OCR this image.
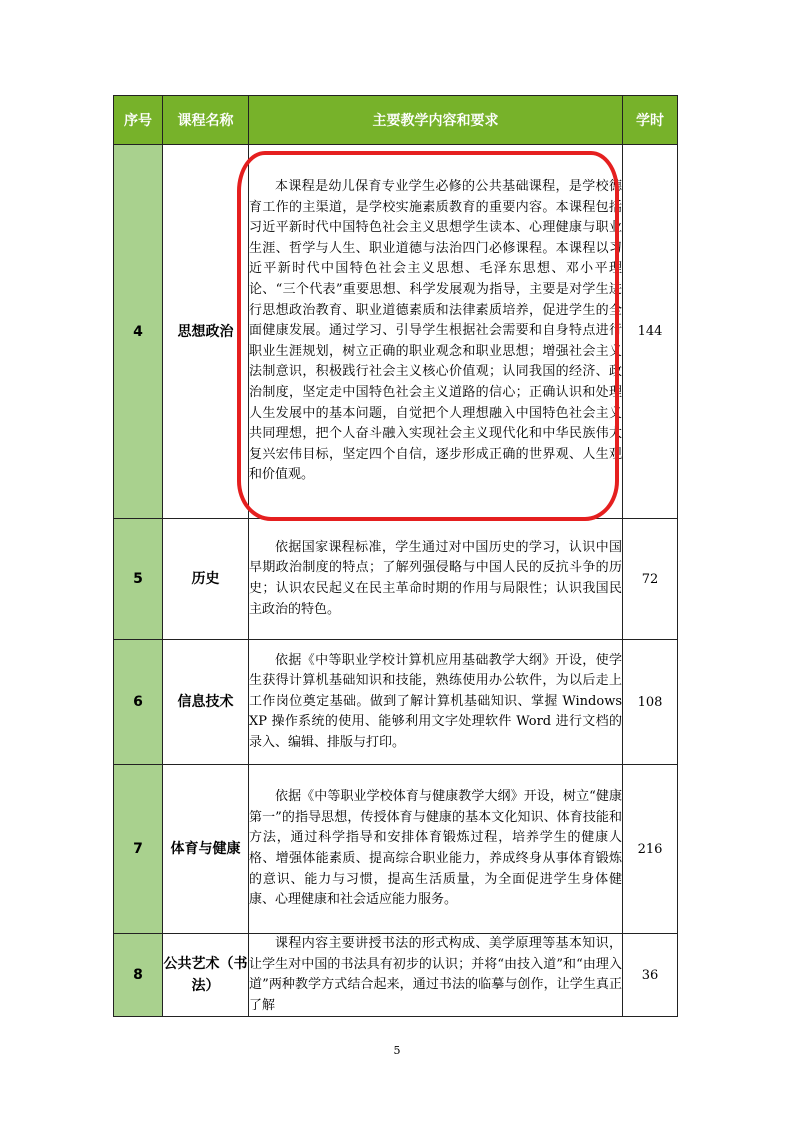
序号	课程名称	主要教学内容和要求	学时
4	思想政治	本课程是幼儿保育专业学生必修的公共基础课程，是学校德育工作的主渠道，是学校实施素质教育的重要内容。本课程包括习近平新时代中国特色社会主义思想学生读本、心理健康与职业生涯、哲学与人生、职业道德与法治四门必修课程。本课程以习近平新时代中国特色社会主义思想、毛泽东思想、邓小平理论、“三个代表”重要思想、科学发展观为指导，主要是对学生进行思想政治教育、职业道德素质和法律素质培养，促进学生的全面健康发展。通过学习、引导学生根据社会需要和自身特点进行职业生涯规划，树立正确的职业观念和职业思想；增强社会主义法制意识，积极践行社会主义核心价值观；认同我国的经济、政治制度，坚定走中国特色社会主义道路的信心；正确认识和处理人生发展中的基本问题，自觉把个人理想融入中国特色社会主义共同理想，把个人奋斗融入实现社会主义现代化和中华民族伟大复兴宏伟目标，坚定四个自信，逐步形成正确的世界观、人生观和价值观。	144
5	历史	依据国家课程标准，学生通过对中国历史的学习，认识中国早期政治制度的特点；了解列强侵略与中国人民的反抗斗争的历史；认识农民起义在民主革命时期的作用与局限性；认识我国民主政治的特色。	72
6	信息技术	依据《中等职业学校计算机应用基础教学大纲》开设，使学生获得计算机基础知识和技能，熟练使用办公软件，为以后走上工作岗位奠定基础。做到了解计算机基础知识、掌握 Windows XP 操作系统的使用、能够利用文字处理软件 Word 进行文档的录入、编辑、排版与打印。	108
7	体育与健康	依据《中等职业学校体育与健康教学大纲》开设，树立“健康第一”的指导思想，传授体育与健康的基本文化知识、体育技能和方法，通过科学指导和安排体育锻炼过程，培养学生的健康人格、增强体能素质、提高综合职业能力，养成终身从事体育锻炼的意识、能力与习惯，提高生活质量，为全面促进学生身体健康、心理健康和社会适应能力服务。	216
8	公共艺术（书法）	课程内容主要讲授书法的形式构成、美学原理等基本知识，让学生对中国的书法具有初步的认识；并将“由技入道”和“由理入道”两种教学方式结合起来，通过书法的临摹与创作，让学生真正了解	36
5
